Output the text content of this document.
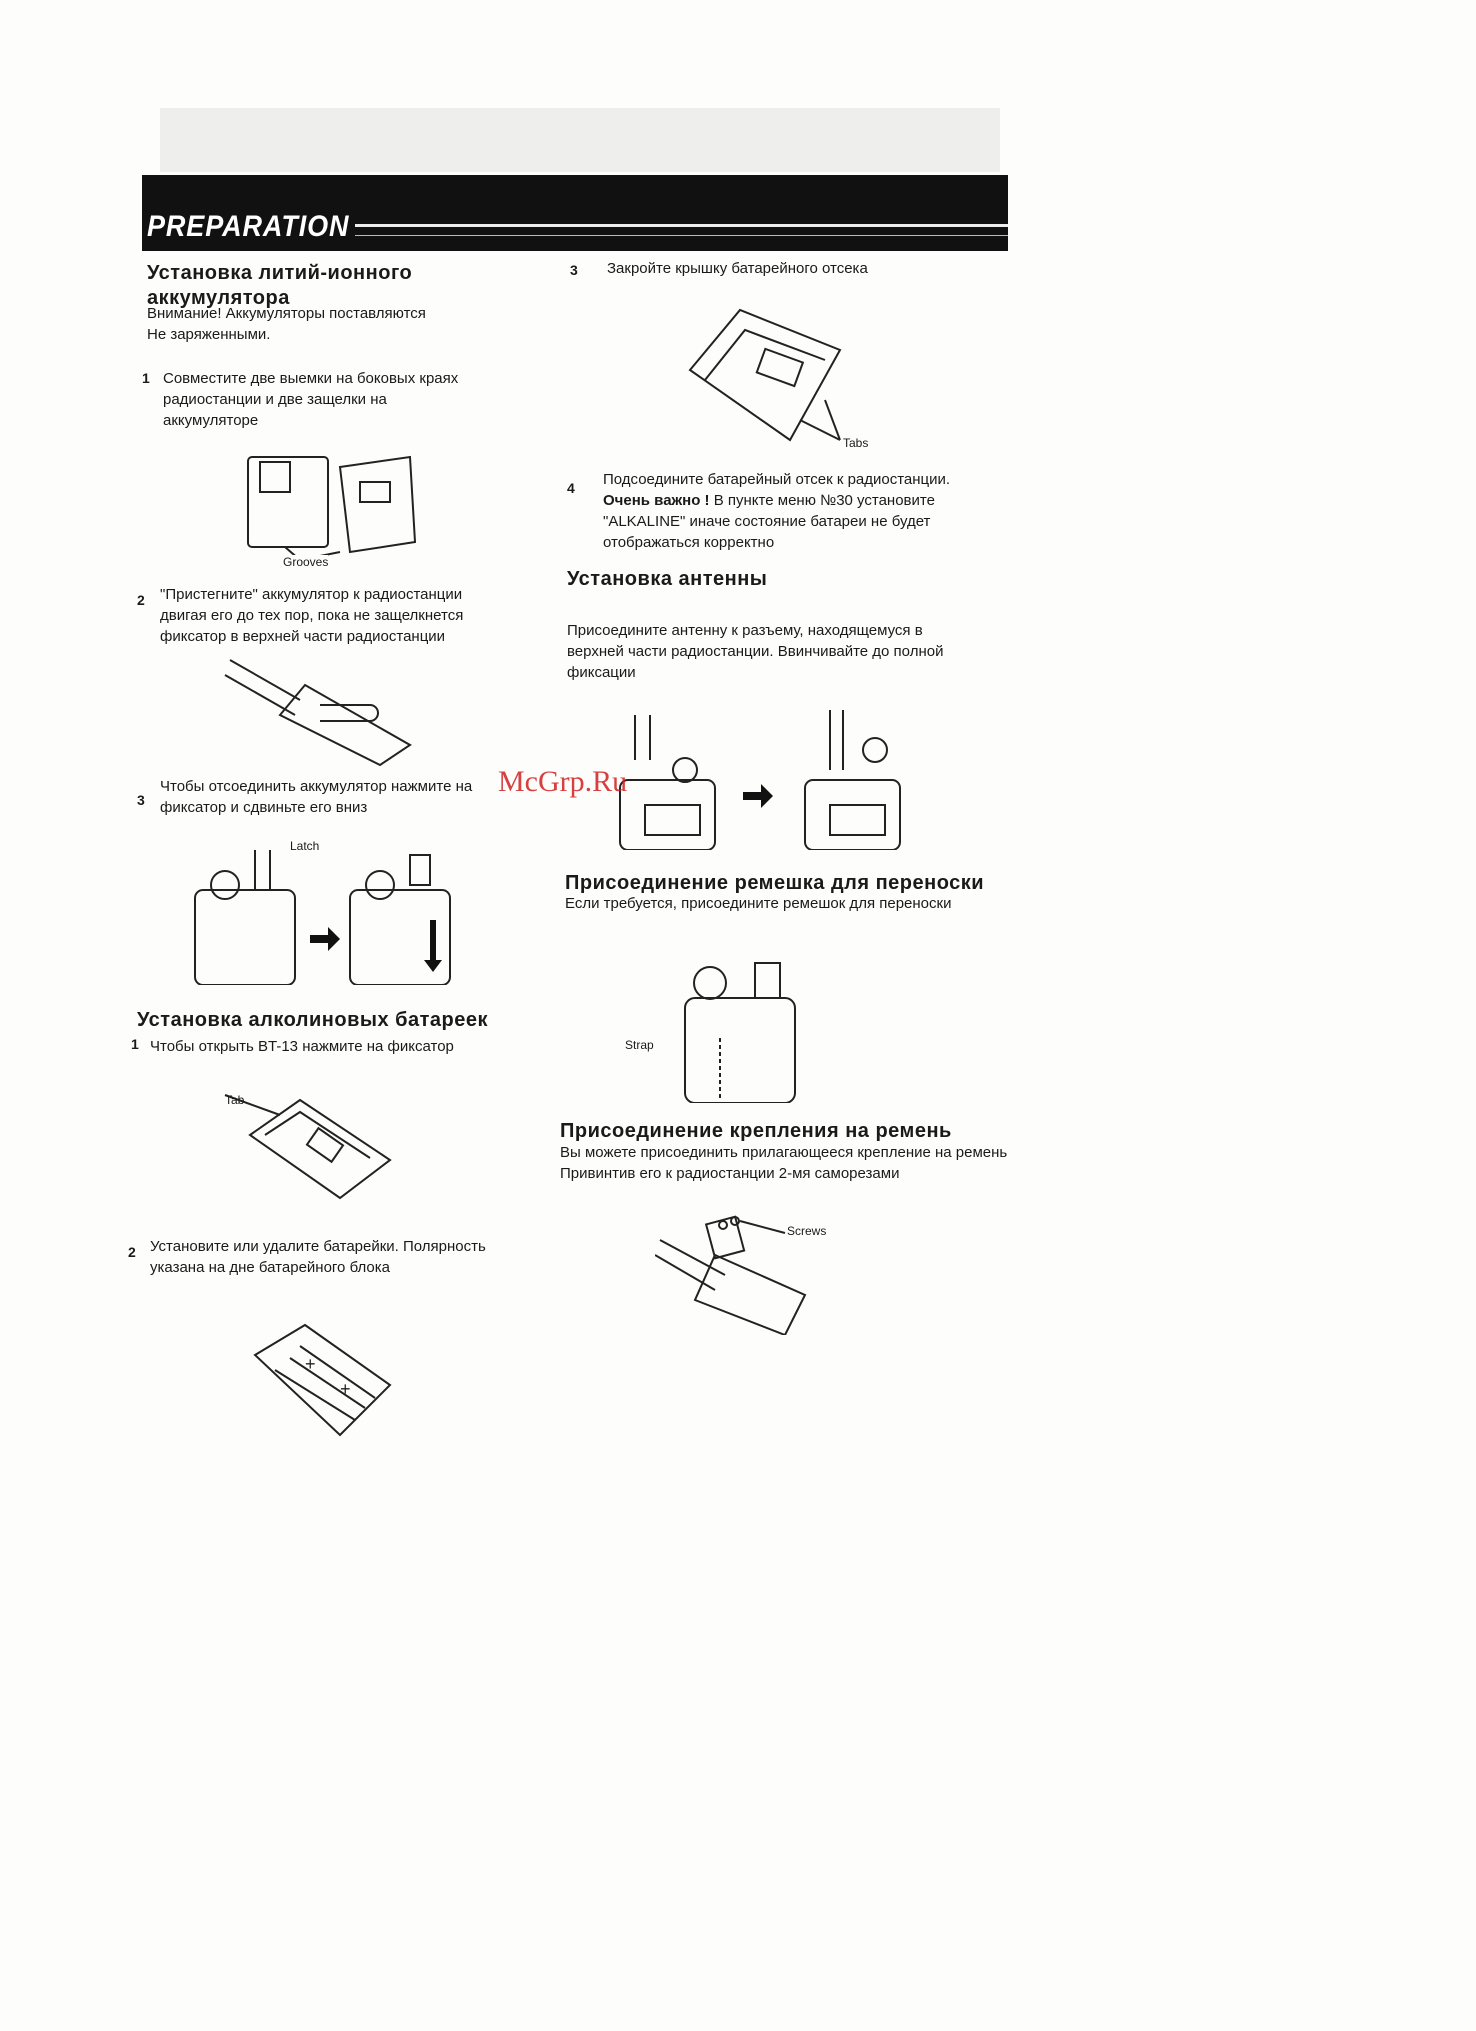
PREPARATION
Установка литий-ионного
аккумулятора
Внимание! Аккумуляторы поставляются
Не заряженными.
1 Совместите две выемки на боковых краях
радиостанции и две защелки на
аккумуляторе
Grooves
2 "Пристегните" аккумулятор к радиостанции
двигая его до тех пор, пока не защелкнется
фиксатор в верхней части радиостанции
3
Чтобы отсоединить аккумулятор нажмите на
фиксатор и сдвиньте его вниз
Latch
Установка алколиновых батареек
1 Чтобы открыть BT-13 нажмите на фиксатор
Tab
2 Установите или удалите батарейки. Полярность
указана на дне батарейного блока
+
+
3 Закройте крышку батарейного отсека
Tabs
4 Подсоедините батарейный отсек к радиостанции.
Очень важно ! В пункте меню №30 установите
"ALKALINE" иначе состояние батареи не будет
отображаться корректно
Установка антенны
Присоедините антенну к разъему, находящемуся в
верхней части радиостанции. Ввинчивайте до полной
фиксации
Присоединение ремешка для переноски
Если требуется, присоедините ремешок для переноски
Strap
Присоединение крепления на ремень
Вы можете присоединить прилагающееся крепление на ремень
Привинтив его к радиостанции 2-мя саморезами
Screws
McGrp.Ru
